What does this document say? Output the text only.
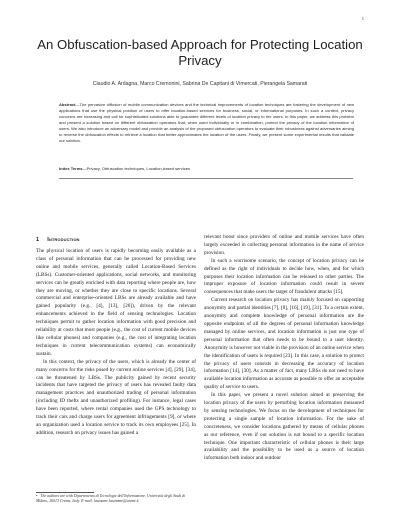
1
An Obfuscation-based Approach for Protecting Location Privacy
Claudio A. Ardagna, Marco Cremonini, Sabrina De Capitani di Vimercati, Pierangela Samarati
Abstract—The pervasive diffusion of mobile communication devices and the technical improvements of location techniques are fostering the development of new applications that use the physical position of users to offer location-based services for business, social, or informational purposes. In such a context, privacy concerns are increasing and call for sophisticated solutions able to guarantee different levels of location privacy to the users. In this paper, we address this problem and present a solution based on different obfuscation operators that, when used individually or in combination, protect the privacy of the location information of users. We also introduce an adversary model and provide an analysis of the proposed obfuscation operators to evaluate their robustness against adversaries aiming to reverse the obfuscation effects to retrieve a location that better approximates the location of the users. Finally, we present some experimental results that validate our solution.
Index Terms—Privacy, Obfuscation techniques, Location-based services
1 Introduction

The physical location of users is rapidly becoming easily available as a class of personal information that can be processed for providing new online and mobile services, generally called Location-Based Services (LBSs). Customer-oriented applications, social networks, and monitoring services can be greatly enriched with data reporting where people are, how they are moving, or whether they are close to specific locations. Several commercial and enterprise-oriented LBSs are already available and have gained popularity (e.g., [4], [13], [26]), driven by the relevant enhancements achieved in the field of sensing technologies. Location techniques permit to gather location information with good precision and reliability at costs that most people (e.g., the cost of current mobile devices like cellular phones) and companies (e.g., the cost of integrating location techniques in current telecommunication systems) can economically sustain.

In this context, the privacy of the users, which is already the center of many concerns for the risks posed by current online services [4], [29], [34], can be threatened by LBSs. The publicity gained by recent security incidents that have targeted the privacy of users has revealed faulty data management practices and unauthorized trading of personal information (including ID thefts and unauthorized profiling). For instance, legal cases have been reported, where rental companies used the GPS technology to track their cars and charge users for agreement infringements [9], or where an organization used a location service to track its own employees [25]. In addition, research on privacy issues has gained a

relevant boost since providers of online and mobile services have often largely exceeded in collecting personal information in the name of service provision.

In such a worrisome scenario, the concept of location privacy can be defined as the right of individuals to decide how, when, and for which purposes their location information can be released to other parties. The improper exposure of location information could result in severe consequences that make users the target of fraudulent attacks [15].

Current research on location privacy has mainly focused on supporting anonymity and partial identities [7], [8], [16], [19], [31]. To a certain extent, anonymity and complete knowledge of personal information are the opposite endpoints of all the degrees of personal information knowledge managed by online services, and location information is just one type of personal information that often needs to be bound to a user identity. Anonymity is however not viable in the provision of an online service when the identification of users is required [23]. In this case, a solution to protect the privacy of users consists in decreasing the accuracy of location information [14], [30]. As a matter of fact, many LBSs do not need to have available location information as accurate as possible to offer an acceptable quality of service to users.

In this paper, we present a novel solution aimed at preserving the location privacy of the users by perturbing location information measured by sensing technologies. We focus on the development of techniques for protecting a single sample of location information. For the sake of concreteness, we consider locations gathered by means of cellular phones as our reference, even if our solution is not bound to a specific location technique. One important characteristic of cellular phones is their large availability and the possibility to be used as a source of location information both indoor and outdoor

• The authors are with Dipartimento di Tecnologie dell'Informazione, Università degli Studi di Milano, 26013 Crema, Italy. E-mail: lastname.lastname@unimi.it
